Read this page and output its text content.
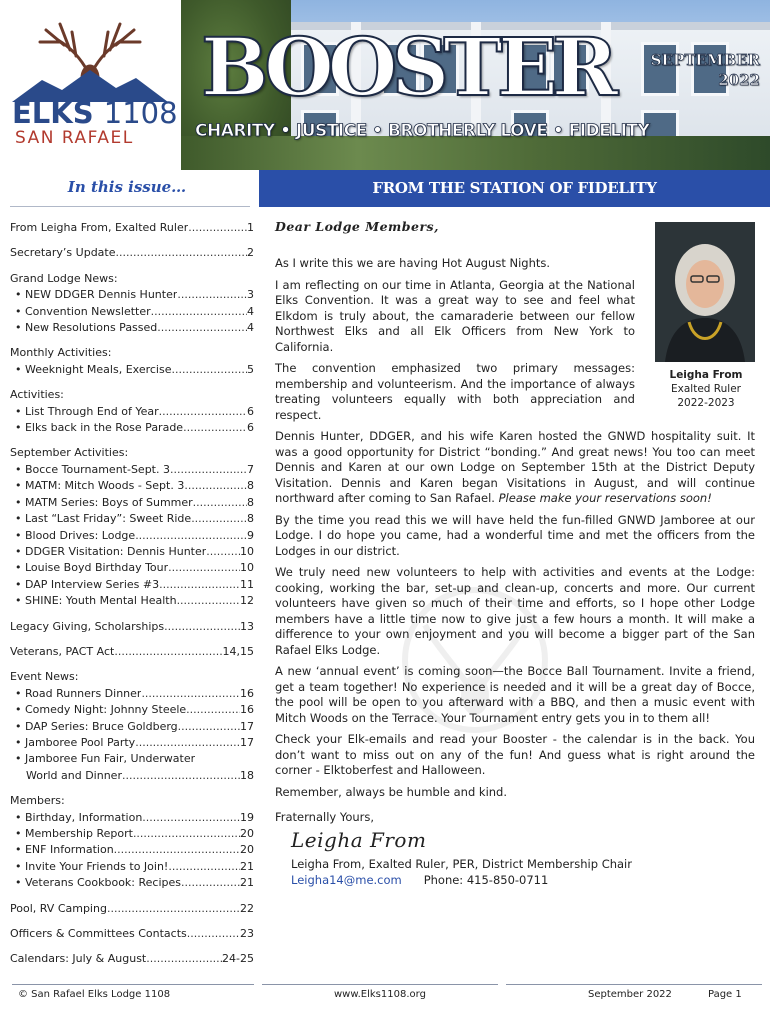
ELKS 1108
SAN RAFAEL
BOOSTER	SEPTEMBER
2022
CHARITY • JUSTICE • BROTHERLY LOVE • FIDELITY
In this issue…
From Leigha From, Exalted Ruler .....	1
Secretary’s Update .....	2
Grand Lodge News:
• NEW DDGER Dennis Hunter .....	3
• Convention Newsletter .....	4
• New Resolutions Passed .....	4
Monthly Activities:
• Weeknight Meals, Exercise .....	5
Activities:
• List Through End of Year .....	6
• Elks back in the Rose Parade .....	6
September Activities:
• Bocce Tournament-Sept. 3 .....	7
• MATM: Mitch Woods - Sept. 3 .....	8
• MATM Series: Boys of Summer .....	8
• Last “Last Friday”: Sweet Ride .....	8
• Blood Drives: Lodge .....	9
• DDGER Visitation: Dennis Hunter .....	10
• Louise Boyd Birthday Tour .....	10
• DAP Interview Series #3 .....	11
• SHINE: Youth Mental Health .....	12
Legacy Giving, Scholarships .....	13
Veterans, PACT Act .....	14,15
Event News:
• Road Runners Dinner .....	16
• Comedy Night: Johnny Steele .....	16
• DAP Series: Bruce Goldberg .....	17
• Jamboree Pool Party .....	17
• Jamboree Fun Fair, Underwater
World and Dinner .....	18
Members:
• Birthday, Information .....	19
• Membership Report .....	20
• ENF Information .....	20
• Invite Your Friends to Join! .....	21
• Veterans Cookbook: Recipes .....	21
Pool, RV Camping .....	22
Officers & Committees Contacts .....	23
Calendars: July & August .....	24-25
FROM THE STATION OF FIDELITY
Leigha From
Exalted Ruler
2022-2023
Dear Lodge Members,

As I write this we are having Hot August Nights.

I am reflecting on our time in Atlanta, Georgia at the National Elks Convention. It was a great way to see and feel what Elkdom is truly about, the camaraderie between our fellow Northwest Elks and all Elk Officers from New York to California.

The convention emphasized two primary messages: membership and volunteerism. And the importance of always treating volunteers equally with both appreciation and respect.

Dennis Hunter, DDGER, and his wife Karen hosted the GNWD hospitality suit. It was a good opportunity for District “bonding.” And great news! You too can meet Dennis and Karen at our own Lodge on September 15th at the District Deputy Visitation. Dennis and Karen began Visitations in August, and will continue northward after coming to San Rafael. Please make your reservations soon!

By the time you read this we will have held the fun-filled GNWD Jamboree at our Lodge. I do hope you came, had a wonderful time and met the officers from the Lodges in our district.

We truly need new volunteers to help with activities and events at the Lodge: cooking, working the bar, set-up and clean-up, concerts and more. Our current volunteers have given so much of their time and efforts, so I hope other Lodge members have a little time now to give just a few hours a month. It will make a difference to your own enjoyment and you will become a bigger part of the San Rafael Elks Lodge.

A new ‘annual event’ is coming soon—the Bocce Ball Tournament. Invite a friend, get a team together! No experience is needed and it will be a great day of Bocce, the pool will be open to you afterward with a BBQ, and then a music event with Mitch Woods on the Terrace. Your Tournament entry gets you in to them all!

Check your Elk-emails and read your Booster - the calendar is in the back. You don’t want to miss out on any of the fun! And guess what is right around the corner - Elktoberfest and Halloween.

Remember, always be humble and kind.

Fraternally Yours,
Leigha From
Leigha From, Exalted Ruler, PER, District Membership Chair
Leigha14@me.com Phone: 415-850-0711
© San Rafael Elks Lodge 1108	www.Elks1108.org	September 2022	Page 1
